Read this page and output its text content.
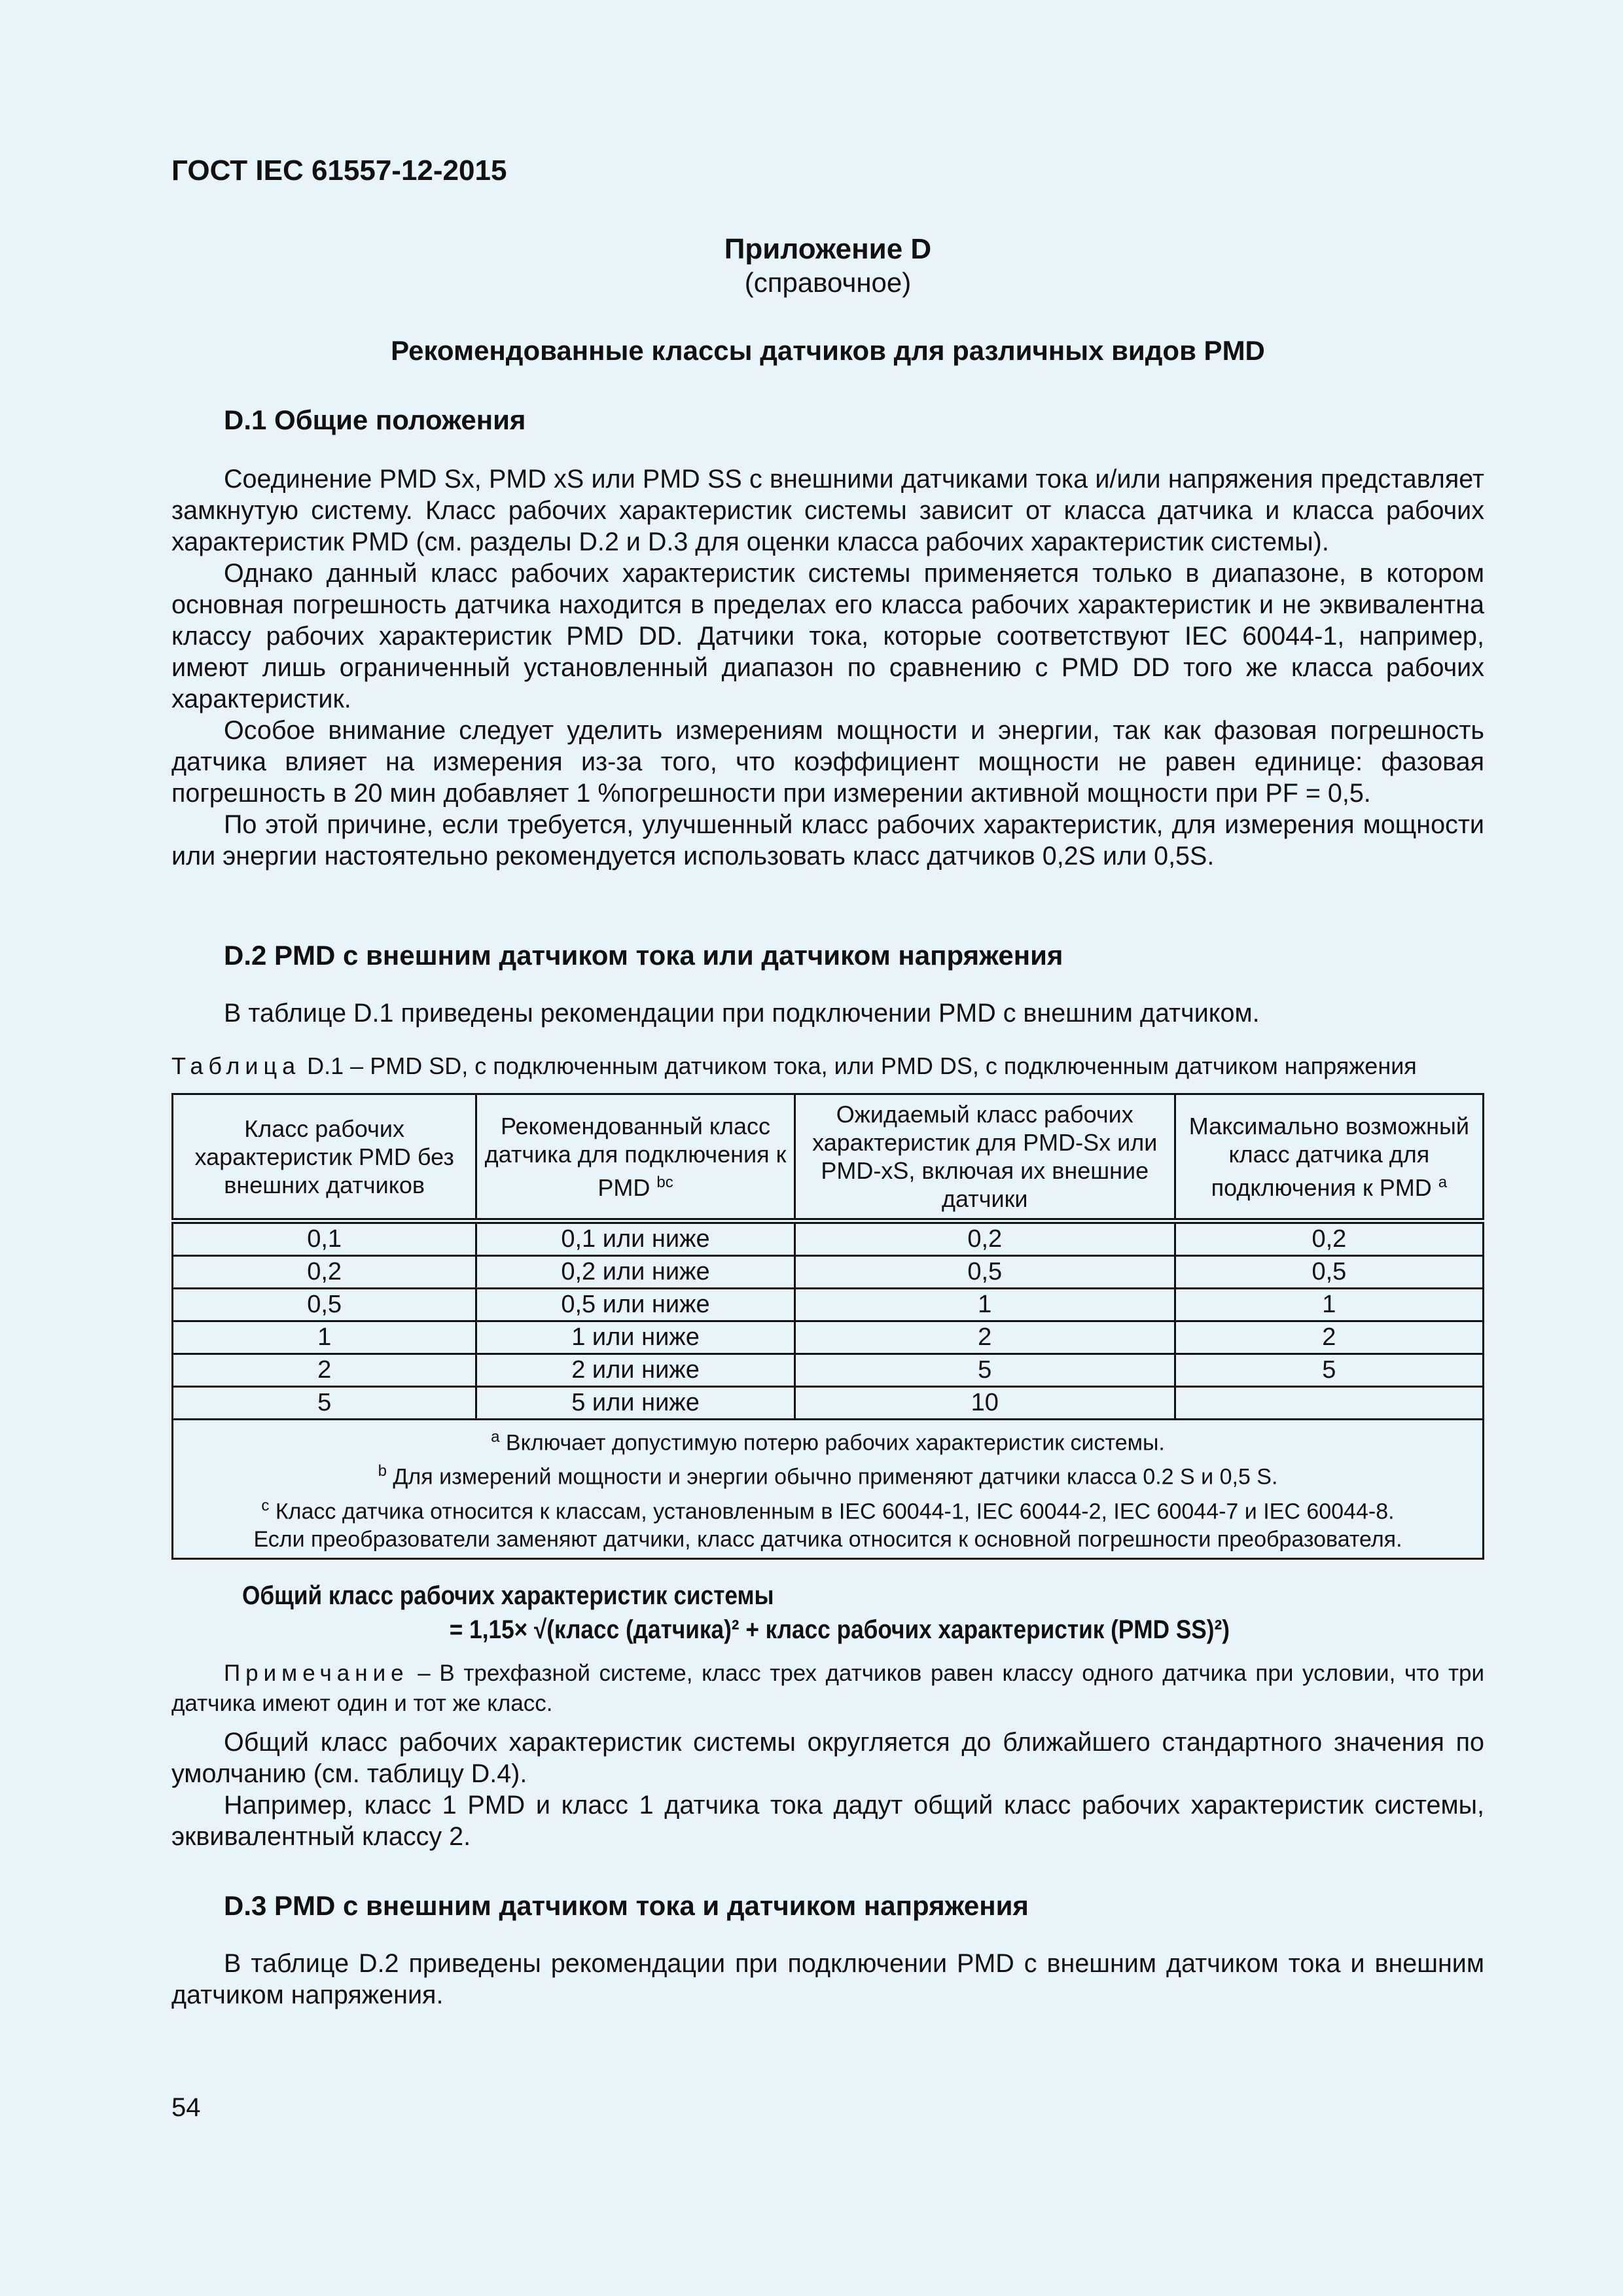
ГОСТ IEC 61557-12-2015
Приложение D
(справочное)
Рекомендованные классы датчиков для различных видов PMD
D.1 Общие положения

Соединение PMD Sx, PMD xS или PMD SS с внешними датчиками тока и/или напряжения представляет замкнутую систему. Класс рабочих характеристик системы зависит от класса датчика и класса рабочих характеристик PMD (см. разделы D.2 и D.3 для оценки класса рабочих характеристик системы).

Однако данный класс рабочих характеристик системы применяется только в диапазоне, в котором основная погрешность датчика находится в пределах его класса рабочих характеристик и не эквивалентна классу рабочих характеристик PMD DD. Датчики тока, которые соответствуют IEC 60044-1, например, имеют лишь ограниченный установленный диапазон по сравнению с PMD DD того же класса рабочих характеристик.

Особое внимание следует уделить измерениям мощности и энергии, так как фазовая погрешность датчика влияет на измерения из-за того, что коэффициент мощности не равен единице: фазовая погрешность в 20 мин добавляет 1 %погрешности при измерении активной мощности при PF = 0,5.

По этой причине, если требуется, улучшенный класс рабочих характеристик, для измерения мощности или энергии настоятельно рекомендуется использовать класс датчиков 0,2S или 0,5S.

D.2 PMD с внешним датчиком тока или датчиком напряжения

В таблице D.1 приведены рекомендации при подключении PMD с внешним датчиком.

Таблица D.1 – PMD SD, с подключенным датчиком тока, или PMD DS, с подключенным датчиком напряжения
Класс рабочих характеристик PMD без внешних датчиков	Рекомендованный класс датчика для подключения к PMD $^{bc}$	Ожидаемый класс рабочих характеристик для PMD-Sx или PMD-xS, включая их внешние датчики	Максимально возможный класс датчика для подключения к PMD $^a$
0,1	0,1 или ниже	0,2	0,2
0,2	0,2 или ниже	0,5	0,5
0,5	0,5 или ниже	1	1
1	1 или ниже	2	2
2	2 или ниже	5	5
5	5 или ниже	10	

$^a$ Включает допустимую потерю рабочих характеристик системы.
$^b$ Для измерений мощности и энергии обычно применяют датчики класса 0.2 S и 0,5 S.
$^c$ Класс датчика относится к классам, установленным в IEC 60044-1, IEC 60044-2, IEC 60044-7 и IEC 60044-8.
Если преобразователи заменяют датчики, класс датчика относится к основной погрешности преобразователя.			
Общий класс рабочих характеристик системы
= 1,15× √(класс (датчика)² + класс рабочих характеристик (PMD SS)²)
Примечание – В трехфазной системе, класс трех датчиков равен классу одного датчика при условии, что три датчика имеют один и тот же класс.

Общий класс рабочих характеристик системы округляется до ближайшего стандартного значения по умолчанию (см. таблицу D.4).

Например, класс 1 PMD и класс 1 датчика тока дадут общий класс рабочих характеристик системы, эквивалентный классу 2.

D.3 PMD с внешним датчиком тока и датчиком напряжения

В таблице D.2 приведены рекомендации при подключении PMD с внешним датчиком тока и внешним датчиком напряжения.

54
